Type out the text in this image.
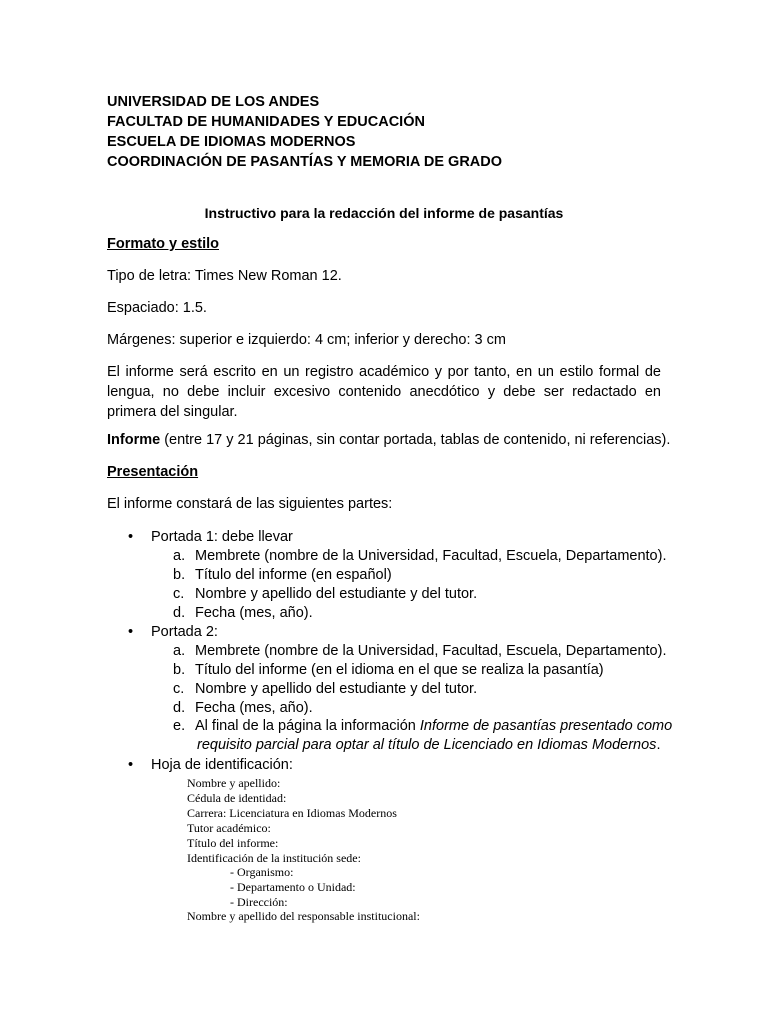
UNIVERSIDAD DE LOS ANDES
FACULTAD DE HUMANIDADES Y EDUCACIÓN
ESCUELA DE IDIOMAS MODERNOS
COORDINACIÓN DE PASANTÍAS Y MEMORIA DE GRADO
Instructivo para la redacción del informe de pasantías
Formato y estilo
Tipo de letra: Times New Roman 12.
Espaciado: 1.5.
Márgenes: superior e izquierdo: 4 cm; inferior y derecho: 3 cm
El informe será escrito en un registro académico y por tanto, en un estilo formal de lengua, no debe incluir excesivo contenido anecdótico y debe ser redactado en primera del singular.
Informe (entre 17 y 21 páginas, sin contar portada, tablas de contenido, ni referencias).
Presentación
El informe constará de las siguientes partes:
•
Portada 1: debe llevar
a. Membrete (nombre de la Universidad, Facultad, Escuela, Departamento).
b. Título del informe (en español)
c. Nombre y apellido del estudiante y del tutor.
d. Fecha (mes, año).
•
Portada 2:
a. Membrete (nombre de la Universidad, Facultad, Escuela, Departamento).
b. Título del informe (en el idioma en el que se realiza la pasantía)
c. Nombre y apellido del estudiante y del tutor.
d. Fecha (mes, año).
e. Al final de la página la información Informe de pasantías presentado como
requisito parcial para optar al título de Licenciado en Idiomas Modernos.
•
Hoja de identificación:
Nombre y apellido:
Cédula de identidad:
Carrera: Licenciatura en Idiomas Modernos
Tutor académico:
Título del informe:
Identificación de la institución sede:
- Organismo:
- Departamento o Unidad:
- Dirección:
Nombre y apellido del responsable institucional:
